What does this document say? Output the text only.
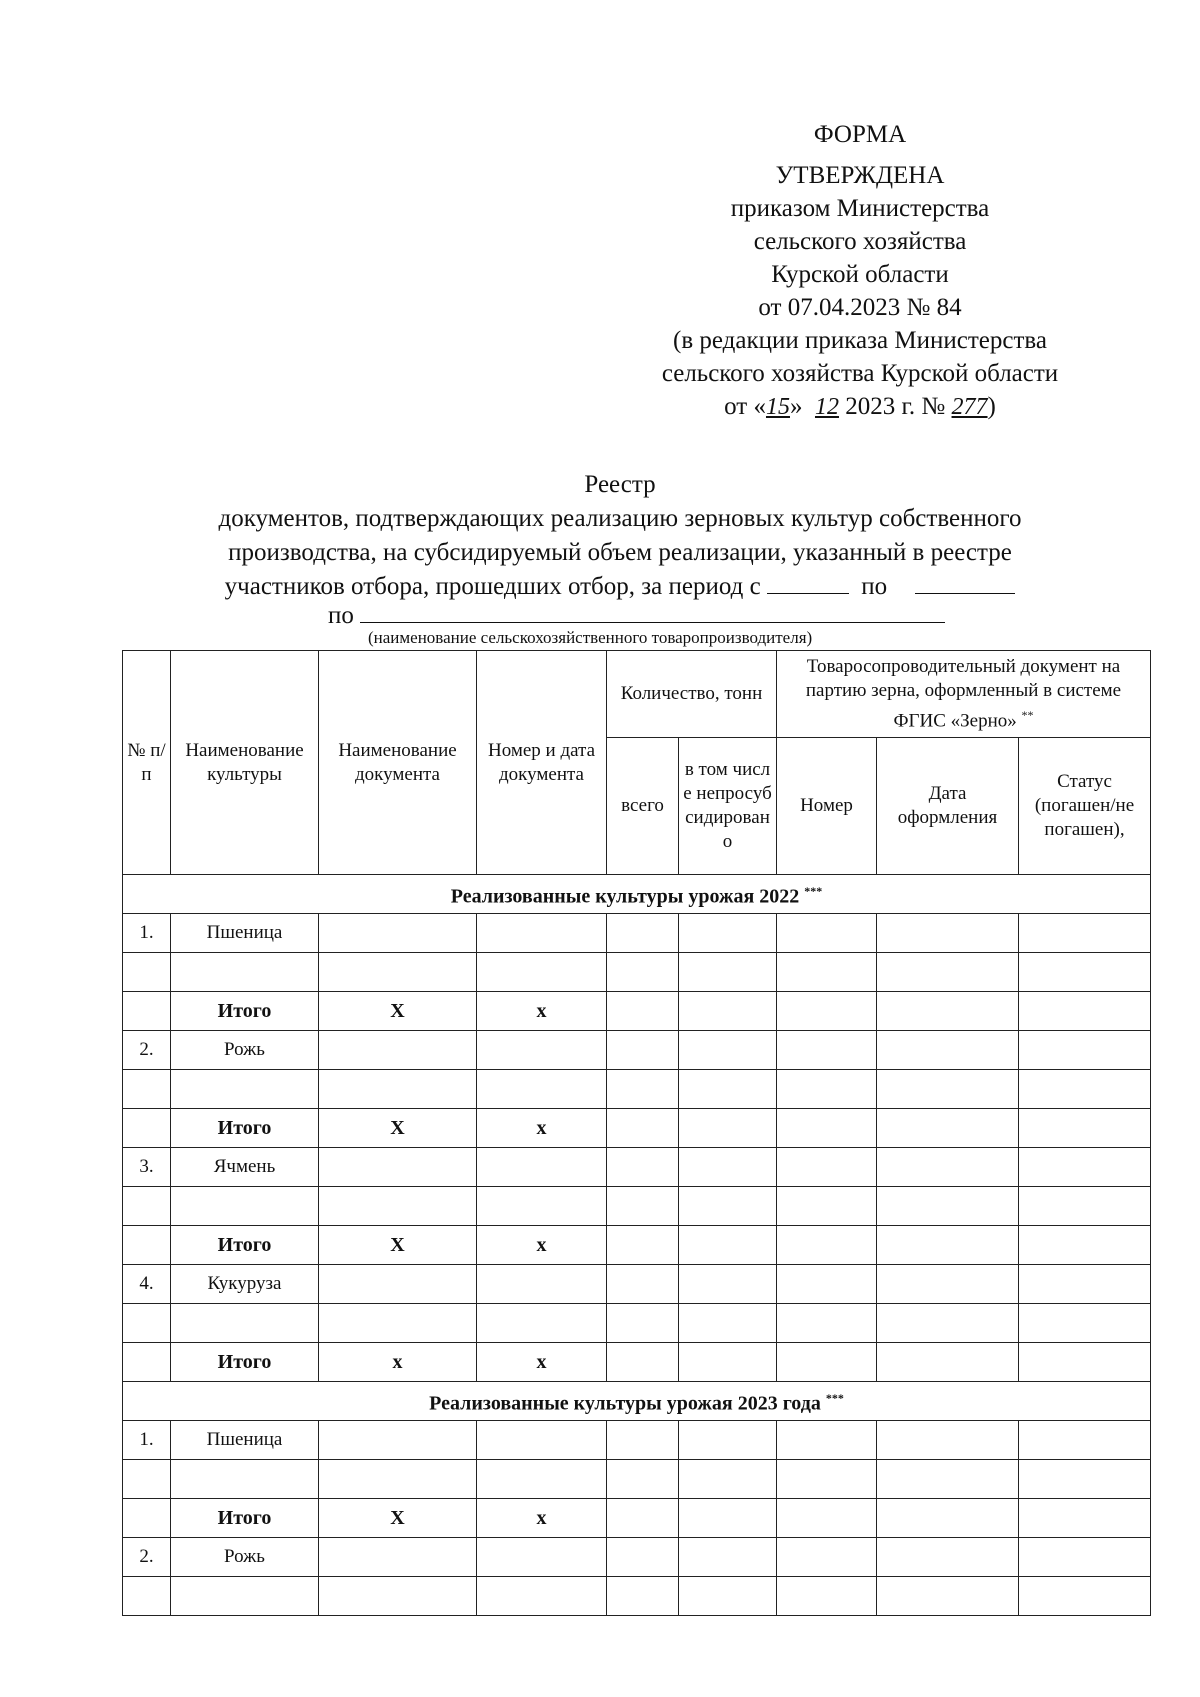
ФОРМА
УТВЕРЖДЕНА
приказом Министерства
сельского хозяйства
Курской области
от 07.04.2023 № 84
(в редакции приказа Министерства
сельского хозяйства Курской области
от «15»  12 2023 г. № 277)
Реестр
документов, подтверждающих реализацию зерновых культур собственного
производства, на субсидируемый объем реализации, указанный в реестре
участников отбора, прошедших отбор, за период с	по
по
(наименование сельскохозяйственного товаропроизводителя)
№ п/п	Наименование культуры	Наименование документа	Номер и дата документа	Количество, тонн		Товаросопроводительный документ на партию зерна, оформленный в системе ФГИС «Зерно» **
				всего	в том числе непросубсидировано	Номер	Дата оформления	Статус (погашен/не погашен),
Реализованные культуры урожая 2022 ***
1.	Пшеница							

	Итого	X	x					
2.	Рожь							

	Итого	X	x					
3.	Ячмень							

	Итого	X	x					
4.	Кукуруза							

	Итого	x	x					
Реализованные культуры урожая 2023 года ***
1.	Пшеница							

	Итого	X	x					
2.	Рожь							
